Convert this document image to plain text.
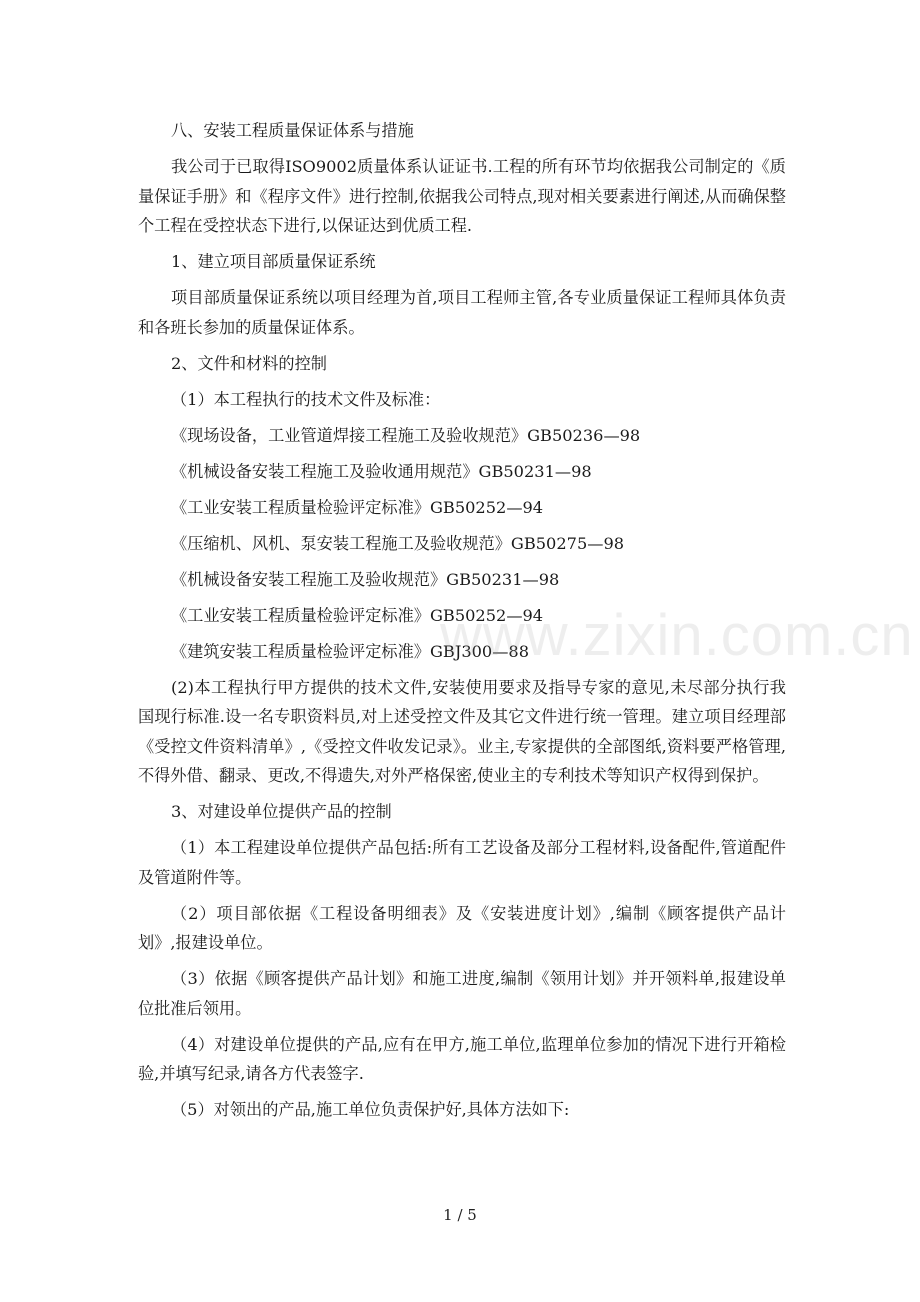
八、安装工程质量保证体系与措施

我公司于已取得ISO9002质量体系认证证书.工程的所有环节均依据我公司制定的《质量保证手册》和《程序文件》进行控制,依据我公司特点,现对相关要素进行阐述,从而确保整个工程在受控状态下进行,以保证达到优质工程.

1、建立项目部质量保证系统

项目部质量保证系统以项目经理为首,项目工程师主管,各专业质量保证工程师具体负责和各班长参加的质量保证体系。

2、文件和材料的控制

（1）本工程执行的技术文件及标准：

《现场设备，工业管道焊接工程施工及验收规范》GB50236—98

《机械设备安装工程施工及验收通用规范》GB50231—98

《工业安装工程质量检验评定标准》GB50252—94

《压缩机、风机、泵安装工程施工及验收规范》GB50275—98

《机械设备安装工程施工及验收规范》GB50231—98

《工业安装工程质量检验评定标准》GB50252—94

《建筑安装工程质量检验评定标准》GBJ300—88

(2)本工程执行甲方提供的技术文件,安装使用要求及指导专家的意见,未尽部分执行我国现行标准.设一名专职资料员,对上述受控文件及其它文件进行统一管理。建立项目经理部《受控文件资料清单》,《受控文件收发记录》。业主,专家提供的全部图纸,资料要严格管理,不得外借、翻录、更改,不得遗失,对外严格保密,使业主的专利技术等知识产权得到保护。

3、对建设单位提供产品的控制

（1）本工程建设单位提供产品包括:所有工艺设备及部分工程材料,设备配件,管道配件及管道附件等。

（2）项目部依据《工程设备明细表》及《安装进度计划》,编制《顾客提供产品计划》,报建设单位。

（3）依据《顾客提供产品计划》和施工进度,编制《领用计划》并开领料单,报建设单位批准后领用。

（4）对建设单位提供的产品,应有在甲方,施工单位,监理单位参加的情况下进行开箱检验,并填写纪录,请各方代表签字.

（5）对领出的产品,施工单位负责保护好,具体方法如下:

www.zixin.com.cn
1 / 5
